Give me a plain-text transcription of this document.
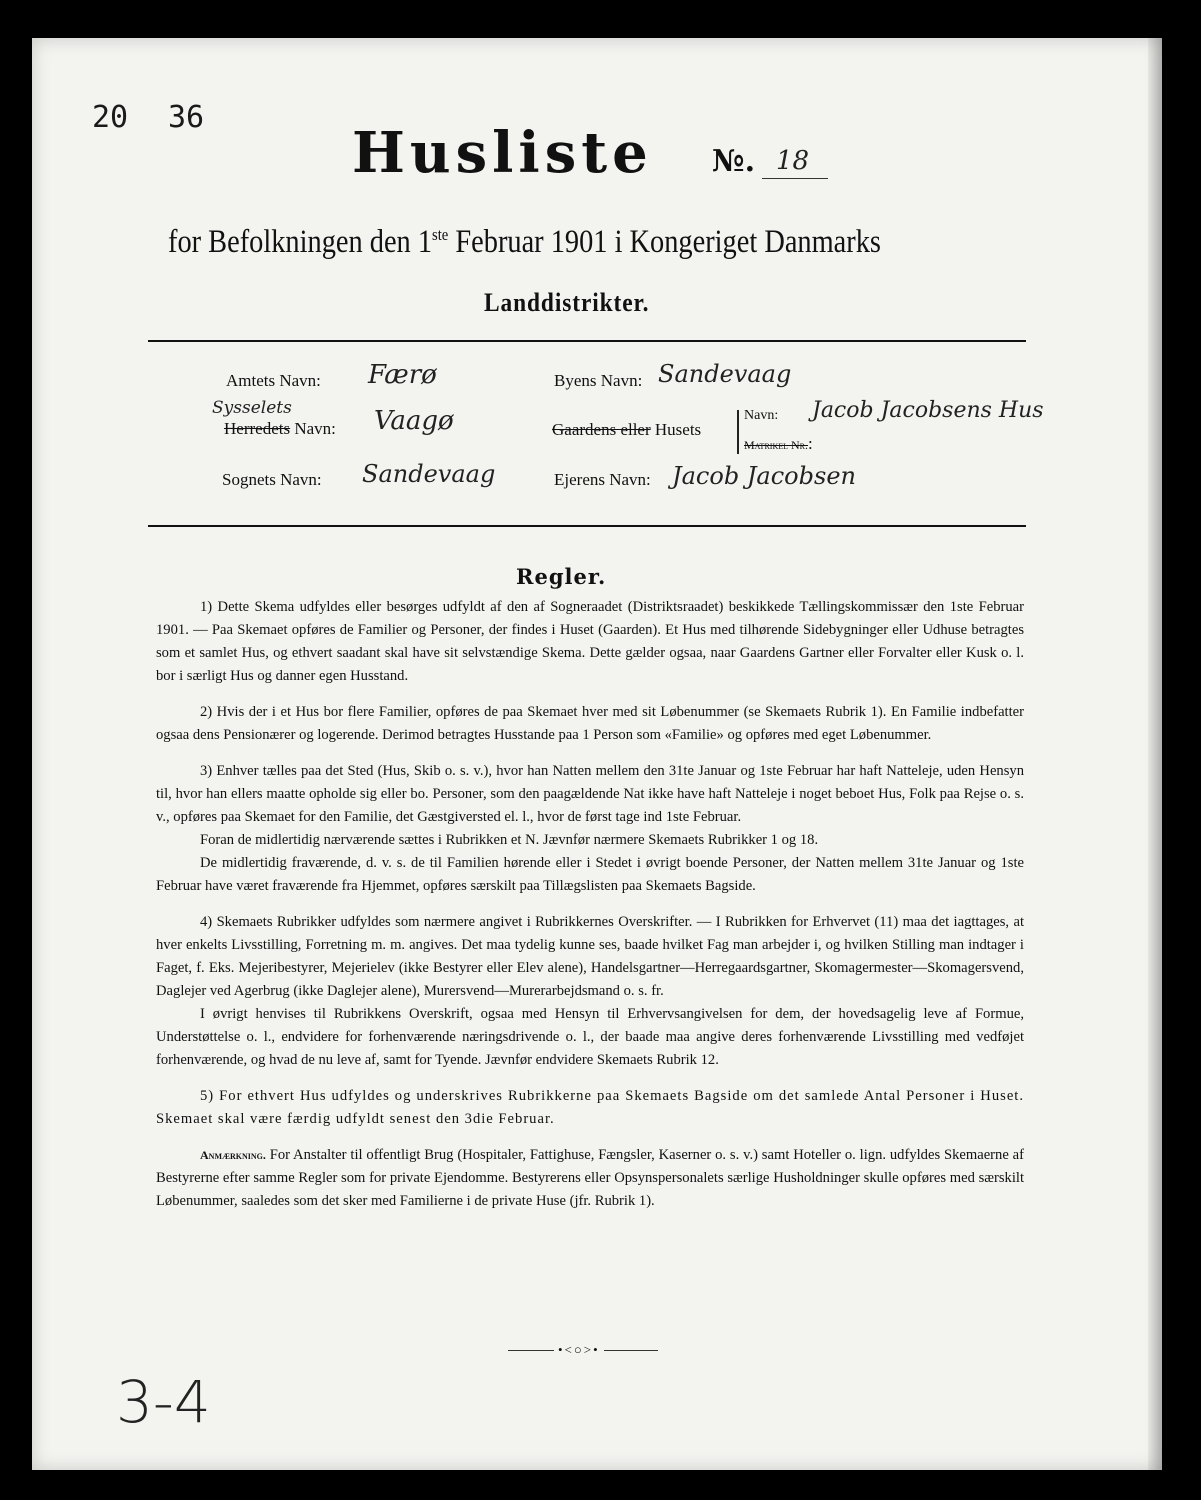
20 36
Husliste №. 18
for Befolkningen den 1ste Februar 1901 i Kongeriget Danmarks
Landdistrikter.
Amtets Navn: Færø
Sysselets
Herredets Navn: Vaagø
Sognets Navn: Sandevaag
Byens Navn: Sandevaag
Gaardens eller Husets
Navn: Jacob Jacobsens Hus
Matrikel Nr.:
Ejerens Navn: Jacob Jacobsen
Regler.

1) Dette Skema udfyldes eller besørges udfyldt af den af Sogneraadet (Distriktsraadet) beskikkede Tællingskommissær den 1ste Februar 1901. — Paa Skemaet opføres de Familier og Personer, der findes i Huset (Gaarden). Et Hus med tilhørende Sidebygninger eller Udhuse betragtes som et samlet Hus, og ethvert saadant skal have sit selvstændige Skema. Dette gælder ogsaa, naar Gaardens Gartner eller Forvalter eller Kusk o. l. bor i særligt Hus og danner egen Husstand.

2) Hvis der i et Hus bor flere Familier, opføres de paa Skemaet hver med sit Løbenummer (se Skemaets Rubrik 1). En Familie indbefatter ogsaa dens Pensionærer og logerende. Derimod betragtes Husstande paa 1 Person som «Familie» og opføres med eget Løbenummer.

3) Enhver tælles paa det Sted (Hus, Skib o. s. v.), hvor han Natten mellem den 31te Januar og 1ste Februar har haft Natteleje, uden Hensyn til, hvor han ellers maatte opholde sig eller bo. Personer, som den paagældende Nat ikke have haft Natteleje i noget beboet Hus, Folk paa Rejse o. s. v., opføres paa Skemaet for den Familie, det Gæstgiversted el. l., hvor de først tage ind 1ste Februar.

Foran de midlertidig nærværende sættes i Rubrikken et N. Jævnfør nærmere Skemaets Rubrikker 1 og 18.

De midlertidig fraværende, d. v. s. de til Familien hørende eller i Stedet i øvrigt boende Personer, der Natten mellem 31te Januar og 1ste Februar have været fraværende fra Hjemmet, opføres særskilt paa Tillægslisten paa Skemaets Bagside.

4) Skemaets Rubrikker udfyldes som nærmere angivet i Rubrikkernes Overskrifter. — I Rubrikken for Erhvervet (11) maa det iagttages, at hver enkelts Livsstilling, Forretning m. m. angives. Det maa tydelig kunne ses, baade hvilket Fag man arbejder i, og hvilken Stilling man indtager i Faget, f. Eks. Mejeribestyrer, Mejerielev (ikke Bestyrer eller Elev alene), Handelsgartner—Herregaardsgartner, Skomagermester—Skomagersvend, Daglejer ved Agerbrug (ikke Daglejer alene), Murersvend—Murerarbejdsmand o. s. fr.

I øvrigt henvises til Rubrikkens Overskrift, ogsaa med Hensyn til Erhvervsangivelsen for dem, der hovedsagelig leve af Formue, Understøttelse o. l., endvidere for forhenværende næringsdrivende o. l., der baade maa angive deres forhenværende Livsstilling med vedføjet forhenværende, og hvad de nu leve af, samt for Tyende. Jævnfør endvidere Skemaets Rubrik 12.

5) For ethvert Hus udfyldes og underskrives Rubrikkerne paa Skemaets Bagside om det samlede Antal Personer i Huset. Skemaet skal være færdig udfyldt senest den 3die Februar.

Anmærkning. For Anstalter til offentligt Brug (Hospitaler, Fattighuse, Fængsler, Kaserner o. s. v.) samt Hoteller o. lign. udfyldes Skemaerne af Bestyrerne efter samme Regler som for private Ejendomme. Bestyrerens eller Opsynspersonalets særlige Husholdninger skulle opføres med særskilt Løbenummer, saaledes som det sker med Familierne i de private Huse (jfr. Rubrik 1).

•<○>•
3-4
